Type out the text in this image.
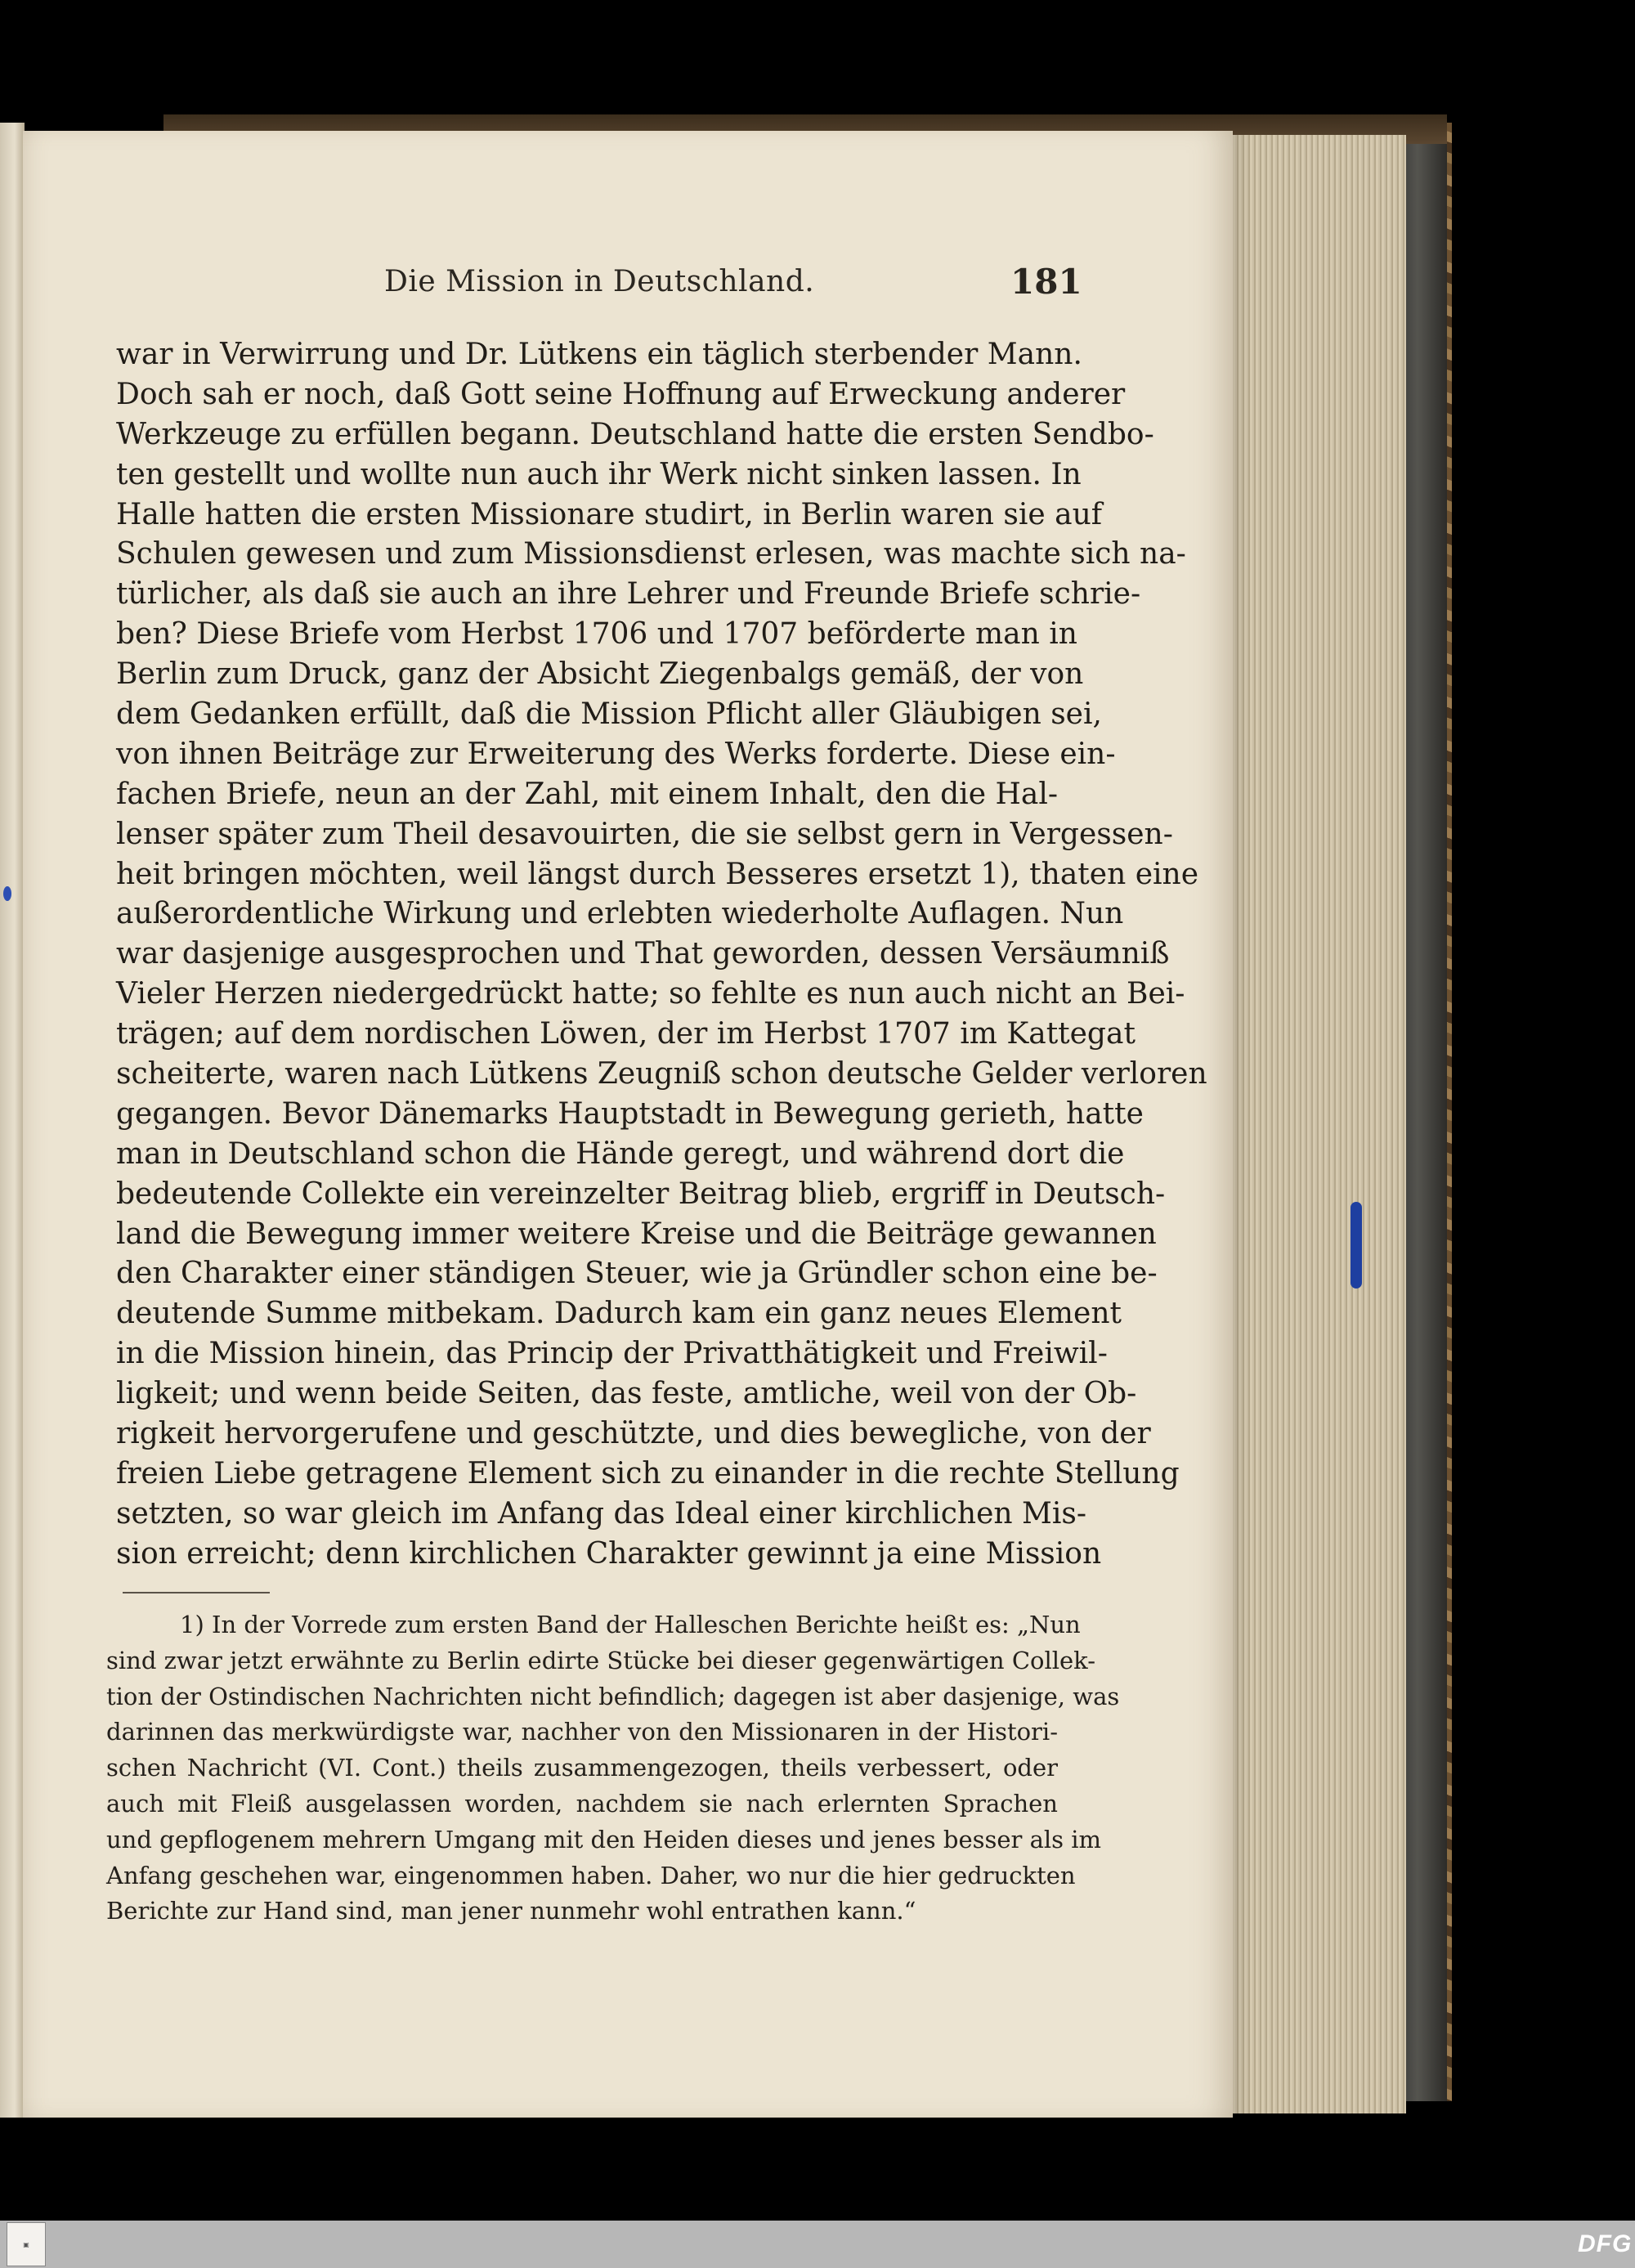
Die Mission in Deutschland.	181
war in Verwirrung und Dr. Lütkens ein täglich sterbender Mann.
Doch sah er noch, daß Gott seine Hoffnung auf Erweckung anderer
Werkzeuge zu erfüllen begann. Deutschland hatte die ersten Sendbo-
ten gestellt und wollte nun auch ihr Werk nicht sinken lassen. In
Halle hatten die ersten Missionare studirt, in Berlin waren sie auf
Schulen gewesen und zum Missionsdienst erlesen, was machte sich na-
türlicher, als daß sie auch an ihre Lehrer und Freunde Briefe schrie-
ben? Diese Briefe vom Herbst 1706 und 1707 beförderte man in
Berlin zum Druck, ganz der Absicht Ziegenbalgs gemäß, der von
dem Gedanken erfüllt, daß die Mission Pflicht aller Gläubigen sei,
von ihnen Beiträge zur Erweiterung des Werks forderte. Diese ein-
fachen Briefe, neun an der Zahl, mit einem Inhalt, den die Hal-
lenser später zum Theil desavouirten, die sie selbst gern in Vergessen-
heit bringen möchten, weil längst durch Besseres ersetzt 1), thaten eine
außerordentliche Wirkung und erlebten wiederholte Auflagen. Nun
war dasjenige ausgesprochen und That geworden, dessen Versäumniß
Vieler Herzen niedergedrückt hatte; so fehlte es nun auch nicht an Bei-
trägen; auf dem nordischen Löwen, der im Herbst 1707 im Kattegat
scheiterte, waren nach Lütkens Zeugniß schon deutsche Gelder verloren
gegangen. Bevor Dänemarks Hauptstadt in Bewegung gerieth, hatte
man in Deutschland schon die Hände geregt, und während dort die
bedeutende Collekte ein vereinzelter Beitrag blieb, ergriff in Deutsch-
land die Bewegung immer weitere Kreise und die Beiträge gewannen
den Charakter einer ständigen Steuer, wie ja Gründler schon eine be-
deutende Summe mitbekam. Dadurch kam ein ganz neues Element
in die Mission hinein, das Princip der Privatthätigkeit und Freiwil-
ligkeit; und wenn beide Seiten, das feste, amtliche, weil von der Ob-
rigkeit hervorgerufene und geschützte, und dies bewegliche, von der
freien Liebe getragene Element sich zu einander in die rechte Stellung
setzten, so war gleich im Anfang das Ideal einer kirchlichen Mis-
sion erreicht; denn kirchlichen Charakter gewinnt ja eine Mission
1) In der Vorrede zum ersten Band der Halleschen Berichte heißt es: „Nun
sind zwar jetzt erwähnte zu Berlin edirte Stücke bei dieser gegenwärtigen Collek-
tion der Ostindischen Nachrichten nicht befindlich; dagegen ist aber dasjenige, was
darinnen das merkwürdigste war, nachher von den Missionaren in der Histori-
schen Nachricht (VI. Cont.) theils zusammengezogen, theils verbessert, oder
auch mit Fleiß ausgelassen worden, nachdem sie nach erlernten Sprachen
und gepflogenem mehrern Umgang mit den Heiden dieses und jenes besser als im
Anfang geschehen war, eingenommen haben. Daher, wo nur die hier gedruckten
Berichte zur Hand sind, man jener nunmehr wohl entrathen kann.“
▣	DFG
